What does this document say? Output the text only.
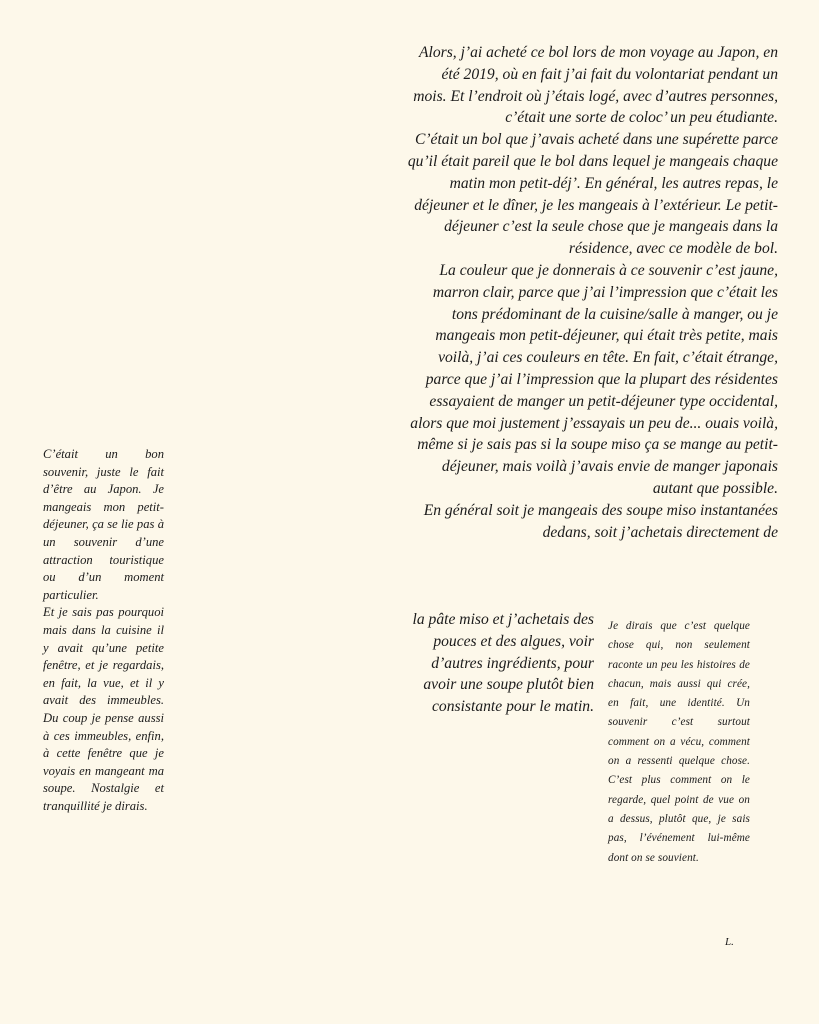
Alors, j’ai acheté ce bol lors de mon voyage au Japon, en été 2019, où en fait j’ai fait du volontariat pendant un mois. Et l’endroit où j’étais logé, avec d’autres personnes, c’était une sorte de coloc’ un peu étudiante.

C’était un bol que j’avais acheté dans une supérette parce qu’il était pareil que le bol dans lequel je mangeais chaque matin mon petit-déj’. En général, les autres repas, le déjeuner et le dîner, je les mangeais à l’extérieur. Le petit-déjeuner c’est la seule chose que je mangeais dans la résidence, avec ce modèle de bol.

La couleur que je donnerais à ce souvenir c’est jaune, marron clair, parce que j’ai l’impression que c’était les tons prédominant de la cuisine/salle à manger, ou je mangeais mon petit-déjeuner, qui était très petite, mais voilà, j’ai ces couleurs en tête. En fait, c’était étrange, parce que j’ai l’impression que la plupart des résidentes essayaient de manger un petit-déjeuner type occidental, alors que moi justement j’essayais un peu de... ouais voilà, même si je sais pas si la soupe miso ça se mange au petit-déjeuner, mais voilà j’avais envie de manger japonais autant que possible.

En général soit je mangeais des soupe miso instantanées dedans, soit j’achetais directement de

la pâte miso et j’achetais des pouces et des algues, voir d’autres ingrédients, pour avoir une soupe plutôt bien consistante pour le matin.

C’était un bon souvenir, juste le fait d’être au Japon. Je mangeais mon petit-déjeuner, ça se lie pas à un souvenir d’une attraction touristique ou d’un moment particulier.

Et je sais pas pourquoi mais dans la cuisine il y avait qu’une petite fenêtre, et je regardais, en fait, la vue, et il y avait des immeubles. Du coup je pense aussi à ces immeubles, enfin, à cette fenêtre que je voyais en mangeant ma soupe. Nostalgie et tranquillité je dirais.

Je dirais que c’est quelque chose qui, non seulement raconte un peu les histoires de chacun, mais aussi qui crée, en fait, une identité. Un souvenir c’est surtout comment on a vécu, comment on a ressenti quelque chose. C’est plus comment on le regarde, quel point de vue on a dessus, plutôt que, je sais pas, l’événement lui-même dont on se souvient.
L.
